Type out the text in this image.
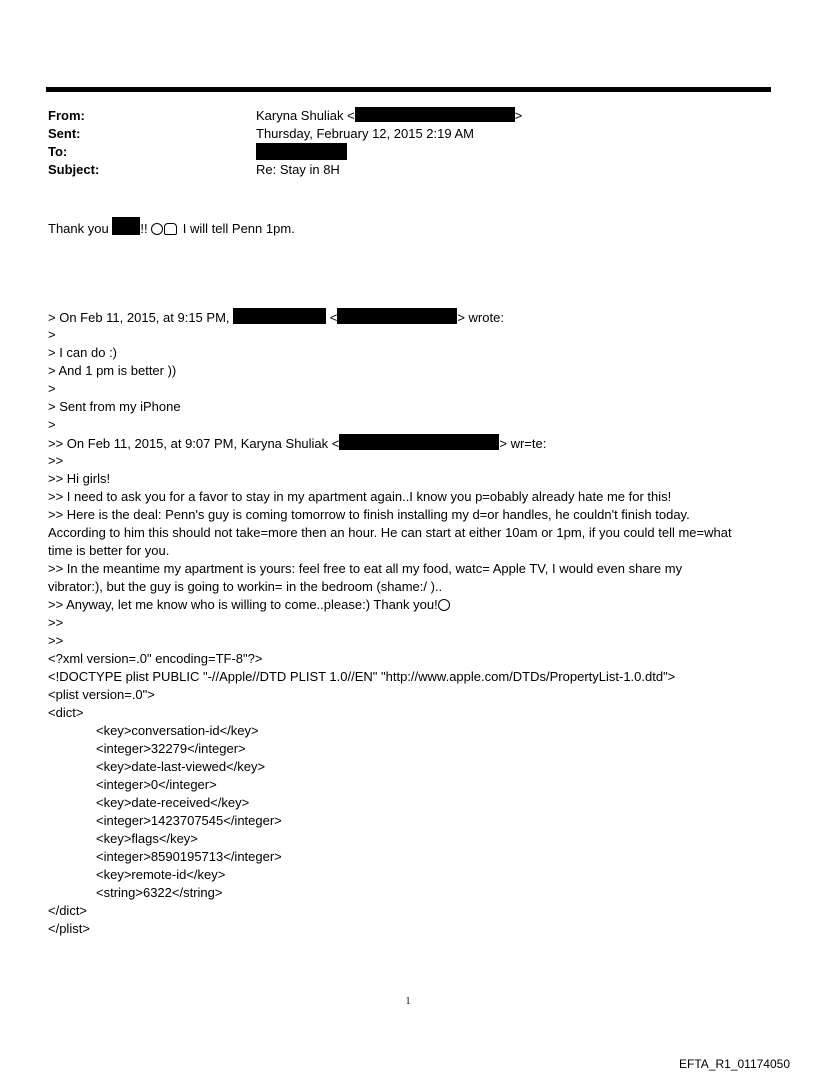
From:	Karyna Shuliak <	>
Sent:	Thursday, February 12, 2015 2:19 AM
To:
Subject:	Re: Stay in 8H
Thank you !!  I will tell Penn 1pm.
> On Feb 11, 2015, at 9:15 PM,	<	> wrote:
>
> I can do :)
> And 1 pm is better ))
>
> Sent from my iPhone
>
>> On Feb 11, 2015, at 9:07 PM, Karyna Shuliak <	> wr=te:
>>
>> Hi girls!
>> I need to ask you for a favor to stay in my apartment again..I know you p=obably already hate me for this!
>> Here is the deal: Penn's guy is coming tomorrow to finish installing my d=or handles, he couldn't finish today.
According to him this should not take=more then an hour. He can start at either 10am or 1pm, if you could tell me=what
time is better for you.
>> In the meantime my apartment is yours: feel free to eat all my food, watc= Apple TV, I would even share my
vibrator:), but the guy is going to workin= in the bedroom (shame:/ )..
>> Anyway, let me know who is willing to come..please:) Thank you!
>>
>>
<?xml version=.0" encoding=TF-8"?>
<!DOCTYPE plist PUBLIC "-//Apple//DTD PLIST 1.0//EN" "http://www.apple.com/DTDs/PropertyList-1.0.dtd">
<plist version=.0">
<dict>
<key>conversation-id</key>
<integer>32279</integer>
<key>date-last-viewed</key>
<integer>0</integer>
<key>date-received</key>
<integer>1423707545</integer>
<key>flags</key>
<integer>8590195713</integer>
<key>remote-id</key>
<string>6322</string>
</dict>
</plist>
1
EFTA_R1_01174050
